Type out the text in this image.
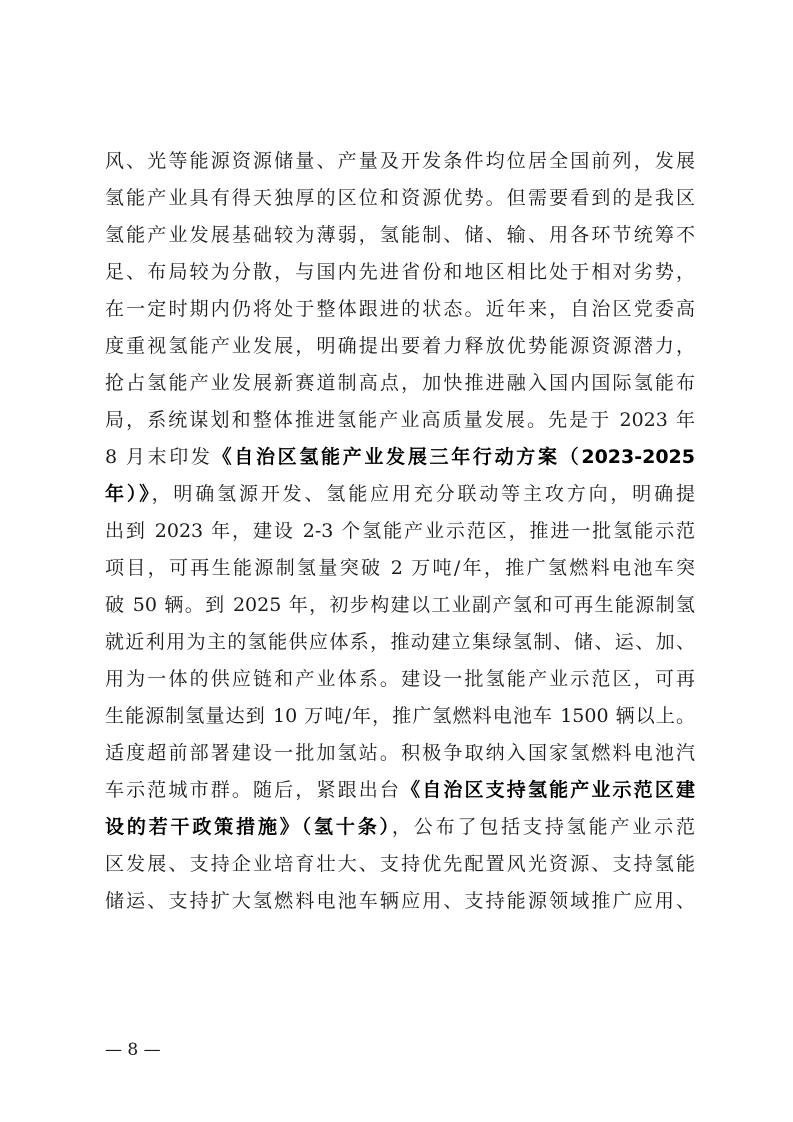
风、光等能源资源储量、产量及开发条件均位居全国前列，发展
氢能产业具有得天独厚的区位和资源优势。但需要看到的是我区
氢能产业发展基础较为薄弱，氢能制、储、输、用各环节统筹不
足、布局较为分散，与国内先进省份和地区相比处于相对劣势，
在一定时期内仍将处于整体跟进的状态。近年来，自治区党委高
度重视氢能产业发展，明确提出要着力释放优势能源资源潜力，
抢占氢能产业发展新赛道制高点，加快推进融入国内国际氢能布
局，系统谋划和整体推进氢能产业高质量发展。先是于 2023 年
8 月末印发《自治区氢能产业发展三年行动方案（2023-2025
年）》，明确氢源开发、氢能应用充分联动等主攻方向，明确提
出到 2023 年，建设 2-3 个氢能产业示范区，推进一批氢能示范
项目，可再生能源制氢量突破 2 万吨/年，推广氢燃料电池车突
破 50 辆。到 2025 年，初步构建以工业副产氢和可再生能源制氢
就近利用为主的氢能供应体系，推动建立集绿氢制、储、运、加、
用为一体的供应链和产业体系。建设一批氢能产业示范区，可再
生能源制氢量达到 10 万吨/年，推广氢燃料电池车 1500 辆以上。
适度超前部署建设一批加氢站。积极争取纳入国家氢燃料电池汽
车示范城市群。随后，紧跟出台《自治区支持氢能产业示范区建
设的若干政策措施》（氢十条），公布了包括支持氢能产业示范
区发展、支持企业培育壮大、支持优先配置风光资源、支持氢能
储运、支持扩大氢燃料电池车辆应用、支持能源领域推广应用、
— 8 —
